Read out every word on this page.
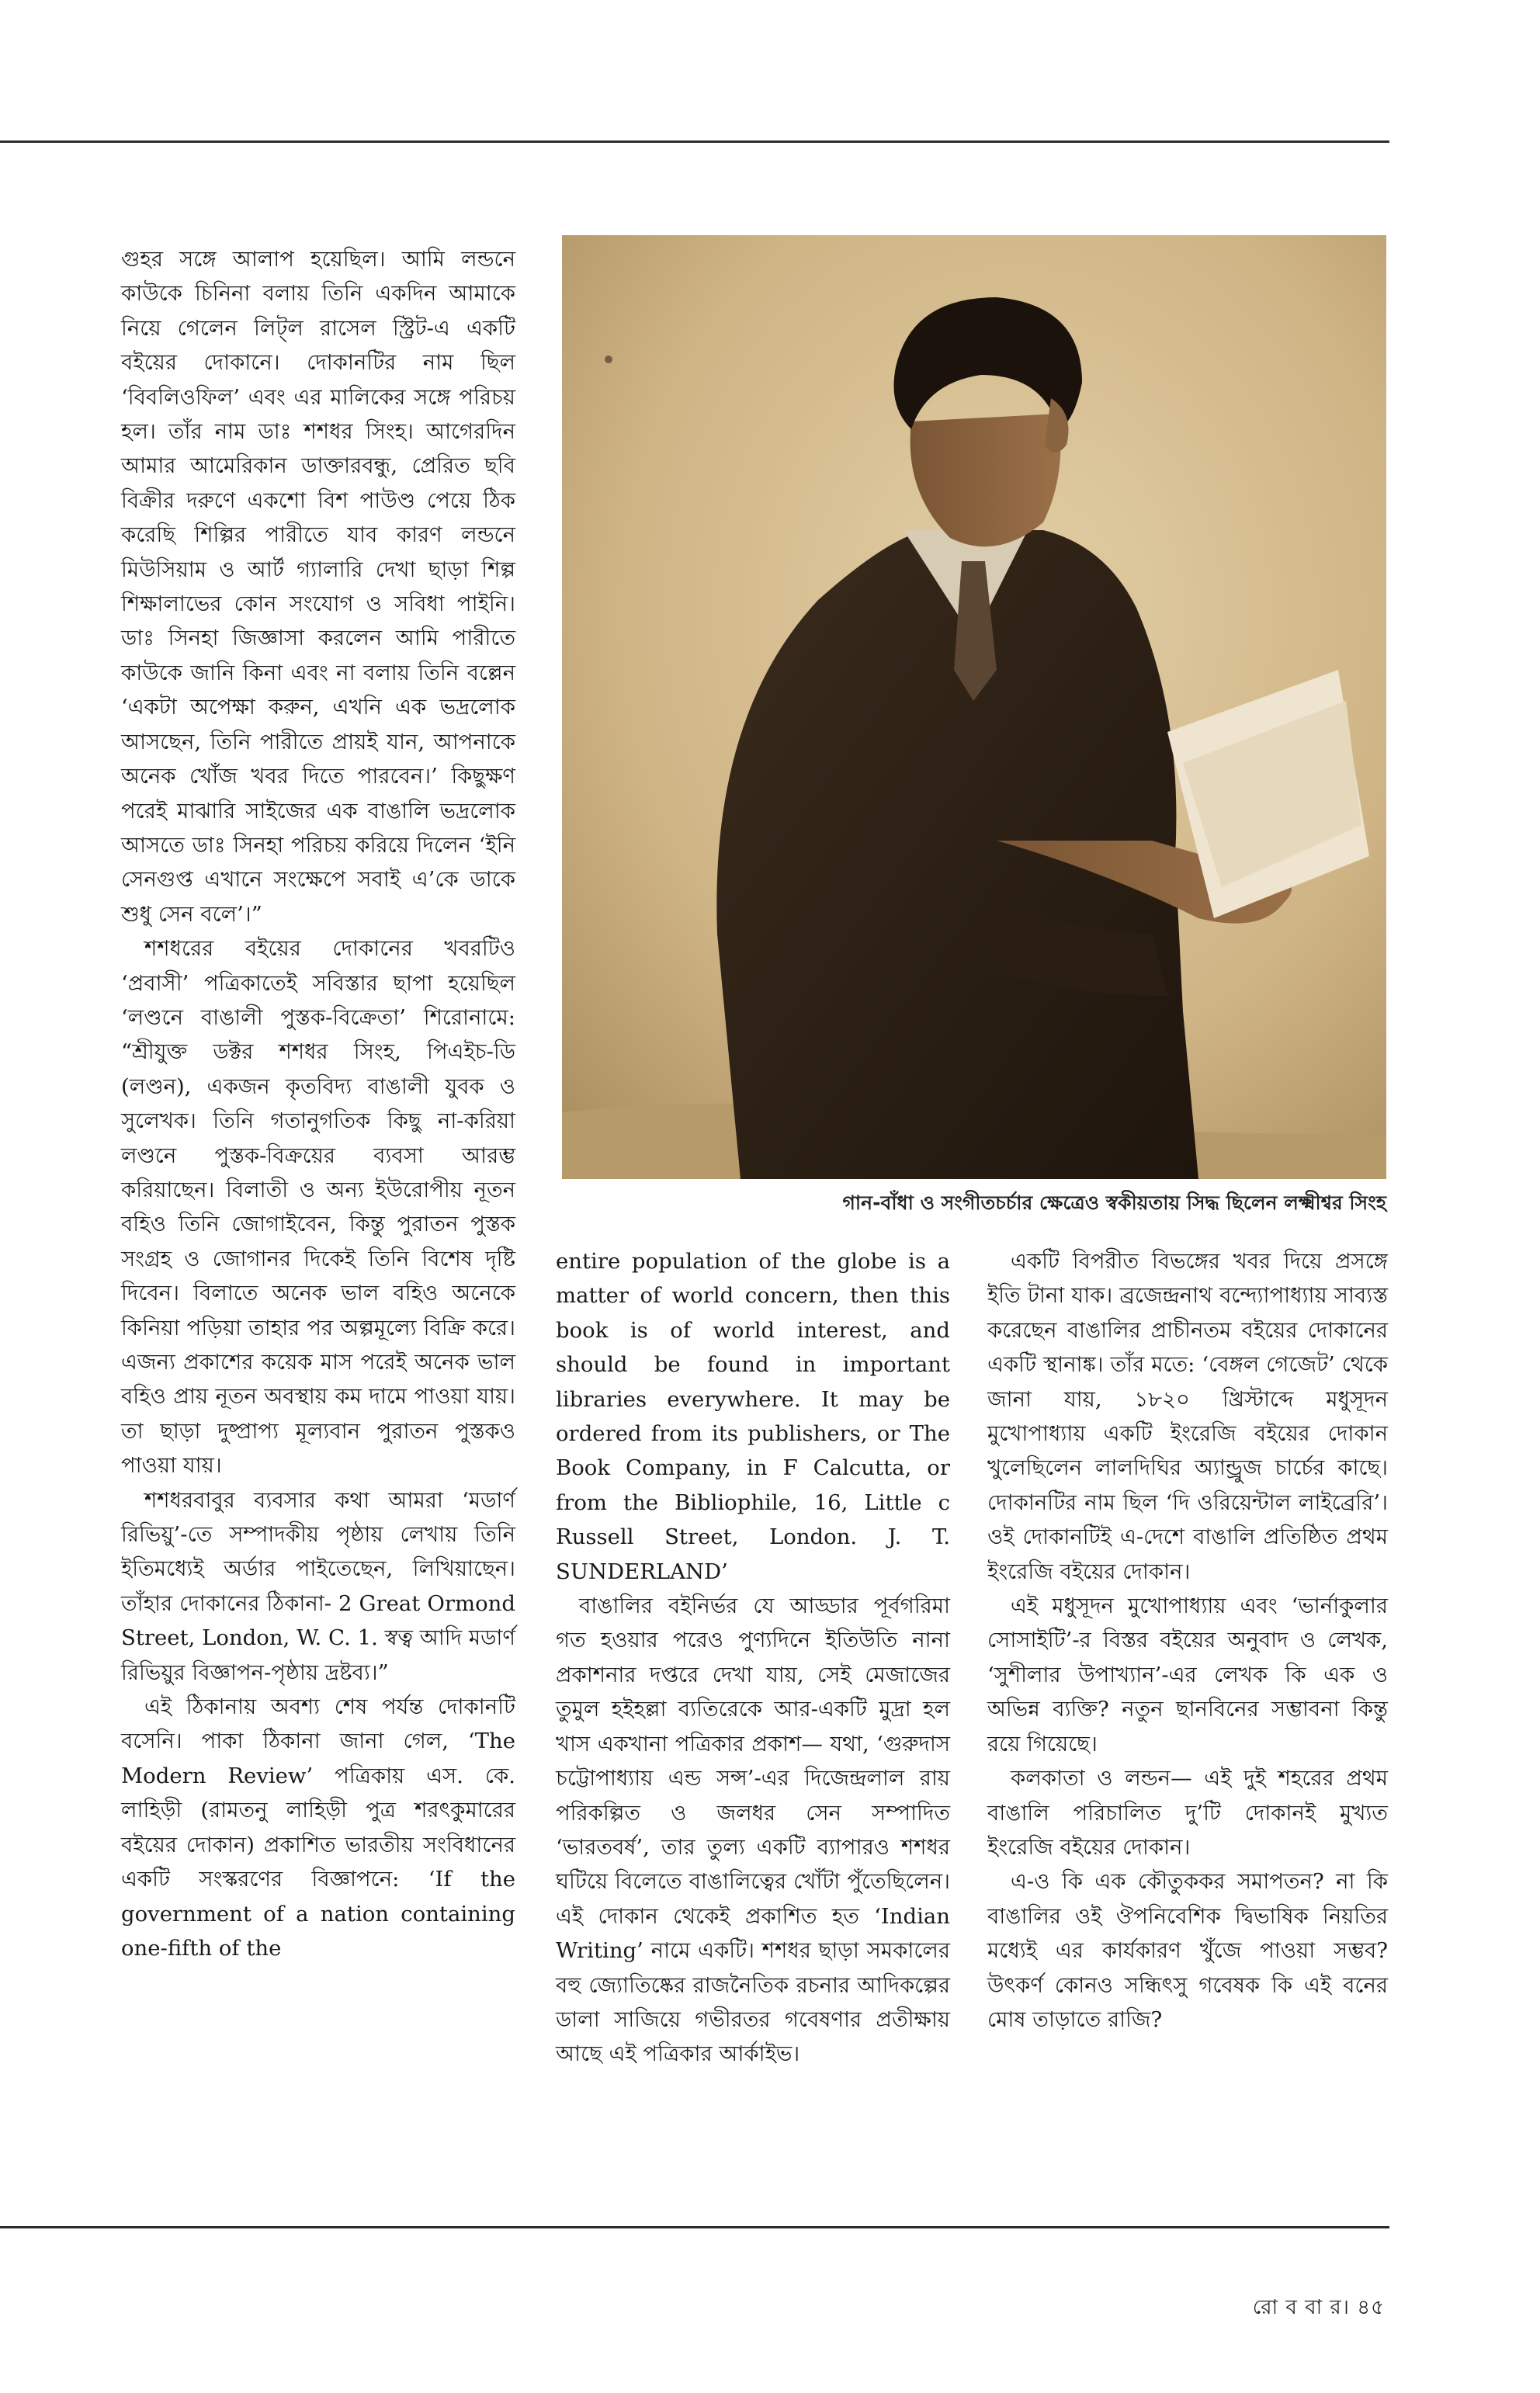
গুহর সঙ্গে আলাপ হয়েছিল। আমি লন্ডনে কাউকে চিনিনা বলায় তিনি একদিন আমাকে নিয়ে গেলেন লিট্‌ল রাসেল স্ট্রিট-এ একটি বইয়ের দোকানে। দোকানটির নাম ছিল ‘বিবলিওফিল’ এবং এর মালিকের সঙ্গে পরিচয় হল। তাঁর নাম ডাঃ শশধর সিংহ। আগেরদিন আমার আমেরিকান ডাক্তারবন্ধু, প্রেরিত ছবি বিক্রীর দরুণে একশো বিশ পাউণ্ড পেয়ে ঠিক করেছি শিল্পির পারীতে যাব কারণ লন্ডনে মিউসিয়াম ও আর্ট গ্যালারি দেখা ছাড়া শিল্প শিক্ষালাভের কোন সংযোগ ও সবিধা পাইনি। ডাঃ সিনহা জিজ্ঞাসা করলেন আমি পারীতে কাউকে জানি কিনা এবং না বলায় তিনি বল্লেন ‘একটা অপেক্ষা করুন, এখনি এক ভদ্রলোক আসছেন, তিনি পারীতে প্রায়ই যান, আপনাকে অনেক খোঁজ খবর দিতে পারবেন।’ কিছুক্ষণ পরেই মাঝারি সাইজের এক বাঙালি ভদ্রলোক আসতে ডাঃ সিনহা পরিচয় করিয়ে দিলেন ‘ইনি সেনগুপ্ত এখানে সংক্ষেপে সবাই এ’কে ডাকে শুধু সেন বলে’।”

শশধরের বইয়ের দোকানের খবরটিও ‘প্রবাসী’ পত্রিকাতেই সবিস্তার ছাপা হয়েছিল ‘লণ্ডনে বাঙালী পুস্তক-বিক্রেতা’ শিরোনামে: “শ্রীযুক্ত ডক্টর শশধর সিংহ, পিএইচ-ডি (লণ্ডন), একজন কৃতবিদ্য বাঙালী যুবক ও সুলেখক। তিনি গতানুগতিক কিছু না-করিয়া লণ্ডনে পুস্তক-বিক্রয়ের ব্যবসা আরম্ভ করিয়াছেন। বিলাতী ও অন্য ইউরোপীয় নূতন বহিও তিনি জোগাইবেন, কিন্তু পুরাতন পুস্তক সংগ্রহ ও জোগানর দিকেই তিনি বিশেষ দৃষ্টি দিবেন। বিলাতে অনেক ভাল বহিও অনেকে কিনিয়া পড়িয়া তাহার পর অল্পমূল্যে বিক্রি করে। এজন্য প্রকাশের কয়েক মাস পরেই অনেক ভাল বহিও প্রায় নূতন অবস্থায় কম দামে পাওয়া যায়। তা ছাড়া দুষ্প্রাপ্য মূল্যবান পুরাতন পুস্তকও পাওয়া যায়।

শশধরবাবুর ব্যবসার কথা আমরা ‘মডার্ণ রিভিয়ু’-তে সম্পাদকীয় পৃষ্ঠায় লেখায় তিনি ইতিমধ্যেই অর্ডার পাইতেছেন, লিখিয়াছেন। তাঁহার দোকানের ঠিকানা- 2 Great Ormond Street, London, W. C. 1. স্বত্ব আদি মডার্ণ রিভিয়ুর বিজ্ঞাপন-পৃষ্ঠায় দ্রষ্টব্য।”

এই ঠিকানায় অবশ্য শেষ পর্যন্ত দোকানটি বসেনি। পাকা ঠিকানা জানা গেল, ‘The Modern Review’ পত্রিকায় এস. কে. লাহিড়ী (রামতনু লাহিড়ী পুত্র শরৎকুমারের বইয়ের দোকান) প্রকাশিত ভারতীয় সংবিধানের একটি সংস্করণের বিজ্ঞাপনে: ‘If the government of a nation containing one-fifth of the

গান-বাঁধা ও সংগীতচর্চার ক্ষেত্রেও স্বকীয়তায় সিদ্ধ ছিলেন লক্ষ্মীশ্বর সিংহ

entire population of the globe is a matter of world concern, then this book is of world interest, and should be found in important libraries everywhere. It may be ordered from its publishers, or The Book Company, in F Calcutta, or from the Bibliophile, 16, Little c Russell Street, London. J. T. SUNDERLAND’

বাঙালির বইনির্ভর যে আড্ডার পূর্বগরিমা গত হওয়ার পরেও পুণ্যদিনে ইতিউতি নানা প্রকাশনার দপ্তরে দেখা যায়, সেই মেজাজের তুমুল হইহল্লা ব্যতিরেকে আর-একটি মুদ্রা হল খাস একখানা পত্রিকার প্রকাশ— যথা, ‘গুরুদাস চট্টোপাধ্যায় এন্ড সন্স’-এর দিজেন্দ্রলাল রায় পরিকল্পিত ও জলধর সেন সম্পাদিত ‘ভারতবর্ষ’, তার তুল্য একটি ব্যাপারও শশধর ঘটিয়ে বিলেতে বাঙালিত্বের খোঁটা পুঁতেছিলেন। এই দোকান থেকেই প্রকাশিত হত ‘Indian Writing’ নামে একটি। শশধর ছাড়া সমকালের বহু জ্যোতিষ্কের রাজনৈতিক রচনার আদিকল্পের ডালা সাজিয়ে গভীরতর গবেষণার প্রতীক্ষায় আছে এই পত্রিকার আর্কাইভ।

একটি বিপরীত বিভঙ্গের খবর দিয়ে প্রসঙ্গে ইতি টানা যাক। ব্রজেন্দ্রনাথ বন্দ্যোপাধ্যায় সাব্যস্ত করেছেন বাঙালির প্রাচীনতম বইয়ের দোকানের একটি স্থানাঙ্ক। তাঁর মতে: ‘বেঙ্গল গেজেট’ থেকে জানা যায়, ১৮২০ খ্রিস্টাব্দে মধুসূদন মুখোপাধ্যায় একটি ইংরেজি বইয়ের দোকান খুলেছিলেন লালদিঘির অ্যান্ড্রুজ চার্চের কাছে। দোকানটির নাম ছিল ‘দি ওরিয়েন্টাল লাইব্রেরি’। ওই দোকানটিই এ-দেশে বাঙালি প্রতিষ্ঠিত প্রথম ইংরেজি বইয়ের দোকান।

এই মধুসূদন মুখোপাধ্যায় এবং ‘ভার্নাকুলার সোসাইটি’-র বিস্তর বইয়ের অনুবাদ ও লেখক, ‘সুশীলার উপাখ্যান’-এর লেখক কি এক ও অভিন্ন ব্যক্তি? নতুন ছানবিনের সম্ভাবনা কিন্তু রয়ে গিয়েছে।

কলকাতা ও লন্ডন— এই দুই শহরের প্রথম বাঙালি পরিচালিত দু’টি দোকানই মুখ্যত ইংরেজি বইয়ের দোকান।

এ-ও কি এক কৌতুককর সমাপতন? না কি বাঙালির ওই ঔপনিবেশিক দ্বিভাষিক নিয়তির মধ্যেই এর কার্যকারণ খুঁজে পাওয়া সম্ভব? উৎকর্ণ কোনও সন্ধিৎসু গবেষক কি এই বনের মোষ তাড়াতে রাজি?

রো ব বা র। ৪৫
